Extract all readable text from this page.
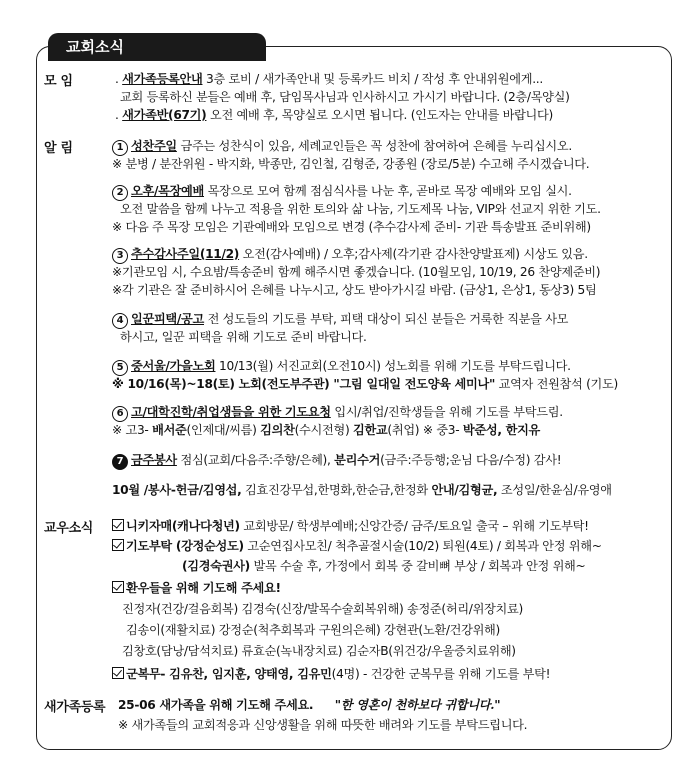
교회소식
모 임	. 새가족등록안내 3층 로비 / 새가족안내 및 등록카드 비치 / 작성 후 안내위원에게...
교회 등록하신 분들은 예배 후, 담임목사님과 인사하시고 가시기 바랍니다. (2층/목양실)
. 새가족반(67기) 오전 예배 후, 목양실로 오시면 됩니다. (인도자는 안내를 바랍니다)
알 림	1 성찬주일 금주는 성찬식이 있음, 세례교인들은 꼭 성찬에 참여하여 은혜를 누리십시오.
※ 분병 / 분잔위원 - 박지화, 박종만, 김인철, 김형준, 강종원 (장로/5분) 수고해 주시겠습니다.
2 오후/목장예배 목장으로 모여 함께 점심식사를 나눈 후, 곧바로 목장 예배와 모임 실시.
오전 말씀을 함께 나누고 적용을 위한 토의와 삶 나눔, 기도제목 나눔, VIP와 선교지 위한 기도.
※ 다음 주 목장 모임은 기관예배와 모임으로 변경 (추수감사제 준비- 기관 특송발표 준비위해)
3 추수감사주일(11/2) 오전(감사예배) / 오후;감사제(각기관 감사찬양발표제) 시상도 있음.
※기관모임 시, 수요밤/특송준비 함께 해주시면 좋겠습니다. (10월모임, 10/19, 26 찬양제준비)
※각 기관은 잘 준비하시어 은혜를 나누시고, 상도 받아가시길 바람. (금상1, 은상1, 동상3) 5팀
4 일꾼피택/공고 전 성도들의 기도를 부탁, 피택 대상이 되신 분들은 거룩한 직분을 사모
하시고, 일꾼 피택을 위해 기도로 준비 바랍니다.
5 중서울/가을노회 10/13(월) 서진교회(오전10시) 성노회를 위해 기도를 부탁드립니다.
※ 10/16(목)~18(토) 노회(전도부주관) "그림 일대일 전도양육 세미나" 교역자 전원참석 (기도)
6 고/대학진학/취업생들을 위한 기도요청 입시/취업/진학생들을 위해 기도를 부탁드림.
※ 고3- 배서준(인제대/씨름) 김의찬(수시전형) 김한교(취업) ※ 중3- 박준성, 한지유
7 금주봉사 점심(교회/다음주:주향/은혜), 분리수거(금주:주등행;운님 다음/수정) 감사!
10월 /봉사-헌금/김영섭, 김효진강무섭,한명화,한순금,한정화 안내/김형균, 조성일/한윤심/유영애
교우소식	니키자매(캐나다청년) 교회방문/ 학생부예배;신앙간증/ 금주/토요일 출국 – 위해 기도부탁!
기도부탁 (강정순성도) 고순연집사모친/ 척추골절시술(10/2) 퇴원(4토) / 회복과 안정 위해~
(김경숙권사) 발목 수술 후, 가정에서 회복 중 갈비뼈 부상 / 회복과 안정 위해~
환우들을 위해 기도해 주세요!
진정자(건강/걸음회복) 김경숙(신장/발목수술회복위해) 송정준(허리/위장치료)
김송이(재활치료) 강정순(척추회복과 구원의은혜) 강현관(노환/건강위해)
김창호(담낭/담석치료) 류효순(녹내장치료) 김순자B(위건강/우울증치료위해)
군복무- 김유찬, 임지훈, 양태영, 김유민(4명) - 건강한 군복무를 위해 기도를 부탁!
새가족등록 25-06 새가족을 위해 기도해 주세요. "한 영혼이 천하보다 귀합니다."
※ 새가족들의 교회적응과 신앙생활을 위해 따뜻한 배려와 기도를 부탁드립니다.
